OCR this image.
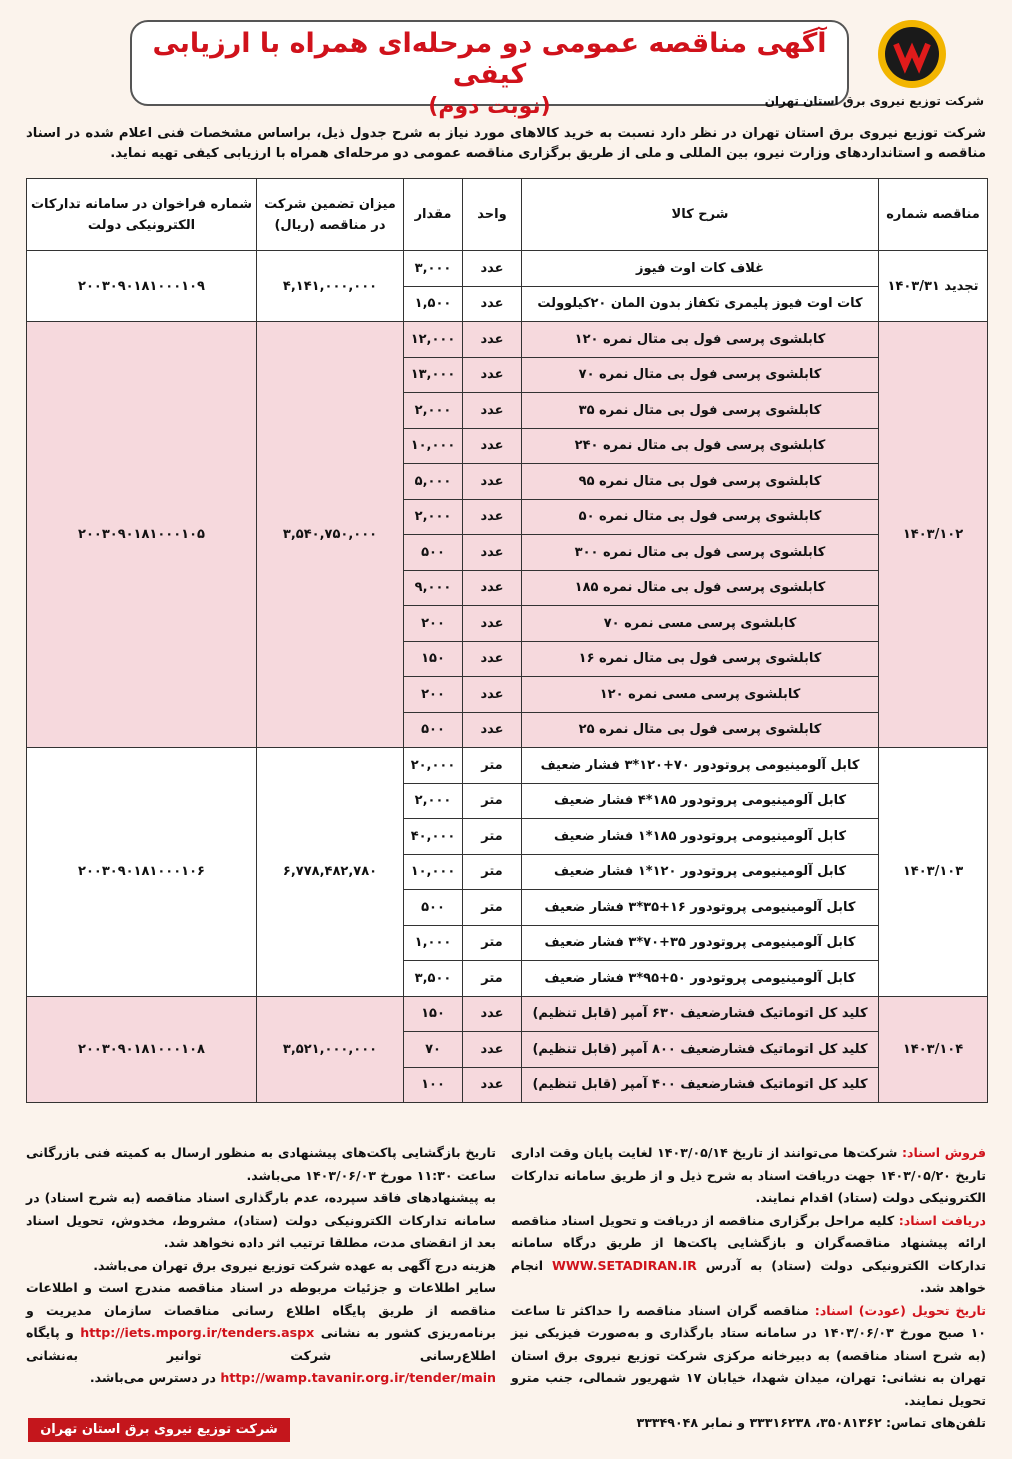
آگهی مناقصه عمومی دو مرحله‌ای همراه با ارزیابی کیفی
(نوبت دوم)	شرکت توزیع نیروی برق استان تهران
شرکت توزیع نیروی برق استان تهران در نظر دارد نسبت به خرید کالاهای مورد نیاز به شرح جدول ذیل، براساس مشخصات فنی اعلام شده در اسناد مناقصه و استانداردهای وزارت نیرو، بین المللی و ملی از طریق برگزاری مناقصه عمومی دو مرحله‌ای همراه با ارزیابی کیفی تهیه نماید.
مناقصه شماره	شرح کالا	واحد	مقدار	میزان تضمین شرکت در مناقصه (ریال)	شماره فراخوان در سامانه تدارکات الکترونیکی دولت
تجدید ۱۴۰۳/۳۱	غلاف کات اوت فیوز	عدد	۳,۰۰۰	۴,۱۴۱,۰۰۰,۰۰۰	۲۰۰۳۰۹۰۱۸۱۰۰۰۱۰۹
	کات اوت فیوز پلیمری تکفاز بدون المان ۲۰کیلوولت	عدد	۱,۵۰۰		
۱۴۰۳/۱۰۲	کابلشوی پرسی فول بی متال نمره ۱۲۰	عدد	۱۲,۰۰۰	۳,۵۴۰,۷۵۰,۰۰۰	۲۰۰۳۰۹۰۱۸۱۰۰۰۱۰۵
	کابلشوی پرسی فول بی متال نمره ۷۰	عدد	۱۳,۰۰۰		
	کابلشوی پرسی فول بی متال نمره ۳۵	عدد	۲,۰۰۰		
	کابلشوی پرسی فول بی متال نمره ۲۴۰	عدد	۱۰,۰۰۰		
	کابلشوی پرسی فول بی متال نمره ۹۵	عدد	۵,۰۰۰		
	کابلشوی پرسی فول بی متال نمره ۵۰	عدد	۲,۰۰۰		
	کابلشوی پرسی فول بی متال نمره ۳۰۰	عدد	۵۰۰		
	کابلشوی پرسی فول بی متال نمره ۱۸۵	عدد	۹,۰۰۰		
	کابلشوی پرسی مسی نمره ۷۰	عدد	۲۰۰		
	کابلشوی پرسی فول بی متال نمره ۱۶	عدد	۱۵۰		
	کابلشوی پرسی مسی نمره ۱۲۰	عدد	۲۰۰		
	کابلشوی پرسی فول بی متال نمره ۲۵	عدد	۵۰۰		
۱۴۰۳/۱۰۳	کابل آلومینیومی پروتودور ۷۰+۱۲۰*۳ فشار ضعیف	متر	۲۰,۰۰۰	۶,۷۷۸,۴۸۲,۷۸۰	۲۰۰۳۰۹۰۱۸۱۰۰۰۱۰۶
	کابل آلومینیومی پروتودور ۱۸۵*۴ فشار ضعیف	متر	۲,۰۰۰		
	کابل آلومینیومی پروتودور ۱۸۵*۱ فشار ضعیف	متر	۴۰,۰۰۰		
	کابل آلومینیومی پروتودور ۱۲۰*۱ فشار ضعیف	متر	۱۰,۰۰۰		
	کابل آلومینیومی پروتودور ۱۶+۳۵*۳ فشار ضعیف	متر	۵۰۰		
	کابل آلومینیومی پروتودور ۳۵+۷۰*۳ فشار ضعیف	متر	۱,۰۰۰		
	کابل آلومینیومی پروتودور ۵۰+۹۵*۳ فشار ضعیف	متر	۳,۵۰۰		
۱۴۰۳/۱۰۴	کلید کل اتوماتیک فشارضعیف ۶۳۰ آمپر (قابل تنظیم)	عدد	۱۵۰	۳,۵۲۱,۰۰۰,۰۰۰	۲۰۰۳۰۹۰۱۸۱۰۰۰۱۰۸
	کلید کل اتوماتیک فشارضعیف ۸۰۰ آمپر (قابل تنظیم)	عدد	۷۰		
	کلید کل اتوماتیک فشارضعیف ۴۰۰ آمپر (قابل تنظیم)	عدد	۱۰۰		
فروش اسناد: شرکت‌ها می‌توانند از تاریخ ۱۴۰۳/۰۵/۱۴ لغایت پایان وقت اداری تاریخ ۱۴۰۳/۰۵/۲۰ جهت دریافت اسناد به شرح ذیل و از طریق سامانه تدارکات الکترونیکی دولت (ستاد) اقدام نمایند.
دریافت اسناد: کلیه مراحل برگزاری مناقصه از دریافت و تحویل اسناد مناقصه ارائه پیشنهاد مناقصه‌گران و بازگشایی پاکت‌ها از طریق درگاه سامانه تدارکات الکترونیکی دولت (ستاد) به آدرس WWW.SETADIRAN.IR انجام خواهد شد.
تاریخ تحویل (عودت) اسناد: مناقصه گران اسناد مناقصه را حداکثر تا ساعت ۱۰ صبح مورخ ۱۴۰۳/۰۶/۰۳ در سامانه ستاد بارگذاری و به‌صورت فیزیکی نیز (به شرح اسناد مناقصه) به دبیرخانه مرکزی شرکت توزیع نیروی برق استان تهران به نشانی: تهران، میدان شهدا، خیابان ۱۷ شهریور شمالی، جنب مترو تحویل نمایند.
تلفن‌های تماس: ۳۵۰۸۱۳۶۲، ۳۳۳۱۶۲۳۸ و نمابر ۳۳۳۴۹۰۴۸
تاریخ بازگشایی پاکت‌های پیشنهادی به منظور ارسال به کمیته فنی بازرگانی ساعت ۱۱:۳۰ مورخ ۱۴۰۳/۰۶/۰۳ می‌باشد.
به پیشنهادهای فاقد سپرده، عدم بارگذاری اسناد مناقصه (به شرح اسناد) در سامانه تدارکات الکترونیکی دولت (ستاد)، مشروط، مخدوش، تحویل اسناد بعد از انقضای مدت، مطلقا ترتیب اثر داده نخواهد شد.
هزینه درج آگهی به عهده شرکت توزیع نیروی برق تهران می‌باشد.
سایر اطلاعات و جزئیات مربوطه در اسناد مناقصه مندرج است و اطلاعات مناقصه از طریق پایگاه اطلاع رسانی مناقصات سازمان مدیریت و برنامه‌ریزی کشور به نشانی http://iets.mporg.ir/tenders.aspx و پایگاه اطلاع‌رسانی شرکت توانیر به‌نشانی http://wamp.tavanir.org.ir/tender/main در دسترس می‌باشد.
شرکت توزیع نیروی برق استان تهران
